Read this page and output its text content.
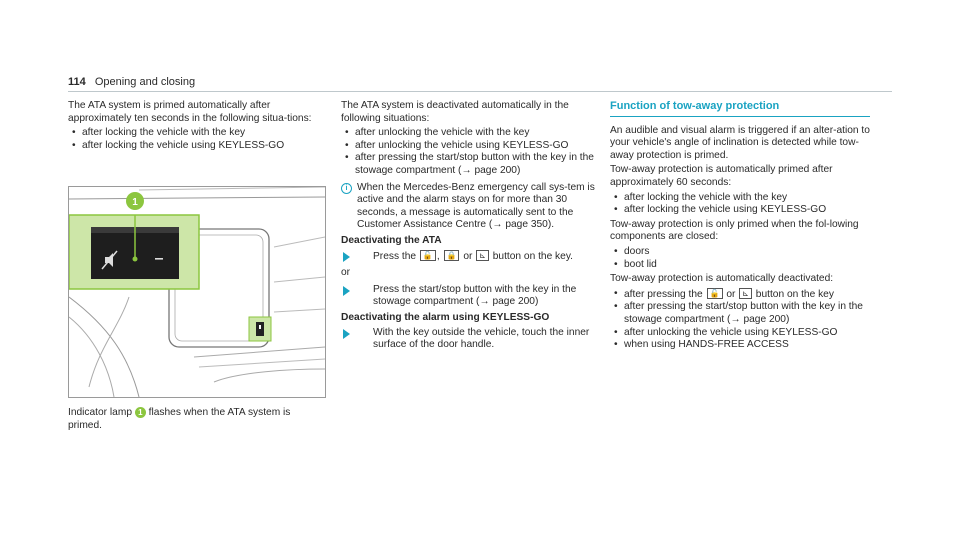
114 Opening and closing

The ATA system is primed automatically after approximately ten seconds in the following situa-tions:

• after locking the vehicle with the key
• after locking the vehicle using KEYLESS-GO
1
Indicator lamp 1 flashes when the ATA system is primed.

The ATA system is deactivated automatically in the following situations:

• after unlocking the vehicle with the key
• after unlocking the vehicle using KEYLESS-GO
• after pressing the start/stop button with the key in the stowage compartment (→ page 200)
i When the Mercedes-Benz emergency call sys-tem is active and the alarm stays on for more than 30 seconds, a message is automatically sent to the Customer Assistance Centre (→ page 350).
Deactivating the ATA
Press the 🔓 , 🔒 or ⊾ button on the key.

or

Press the start/stop button with the key in the stowage compartment (→ page 200)
Deactivating the alarm using KEYLESS-GO
With the key outside the vehicle, touch the inner surface of the door handle.
Function of tow-away protection

An audible and visual alarm is triggered if an alter-ation to your vehicle's angle of inclination is detected while tow-away protection is primed.

Tow-away protection is automatically primed after approximately 60 seconds:

• after locking the vehicle with the key
• after locking the vehicle using KEYLESS-GO

Tow-away protection is only primed when the fol-lowing components are closed:

• doors
• boot lid

Tow-away protection is automatically deactivated:

• after pressing the 🔓 or ⊾ button on the key
• after pressing the start/stop button with the key in the stowage compartment (→ page 200)
• after unlocking the vehicle using KEYLESS-GO
• when using HANDS-FREE ACCESS
